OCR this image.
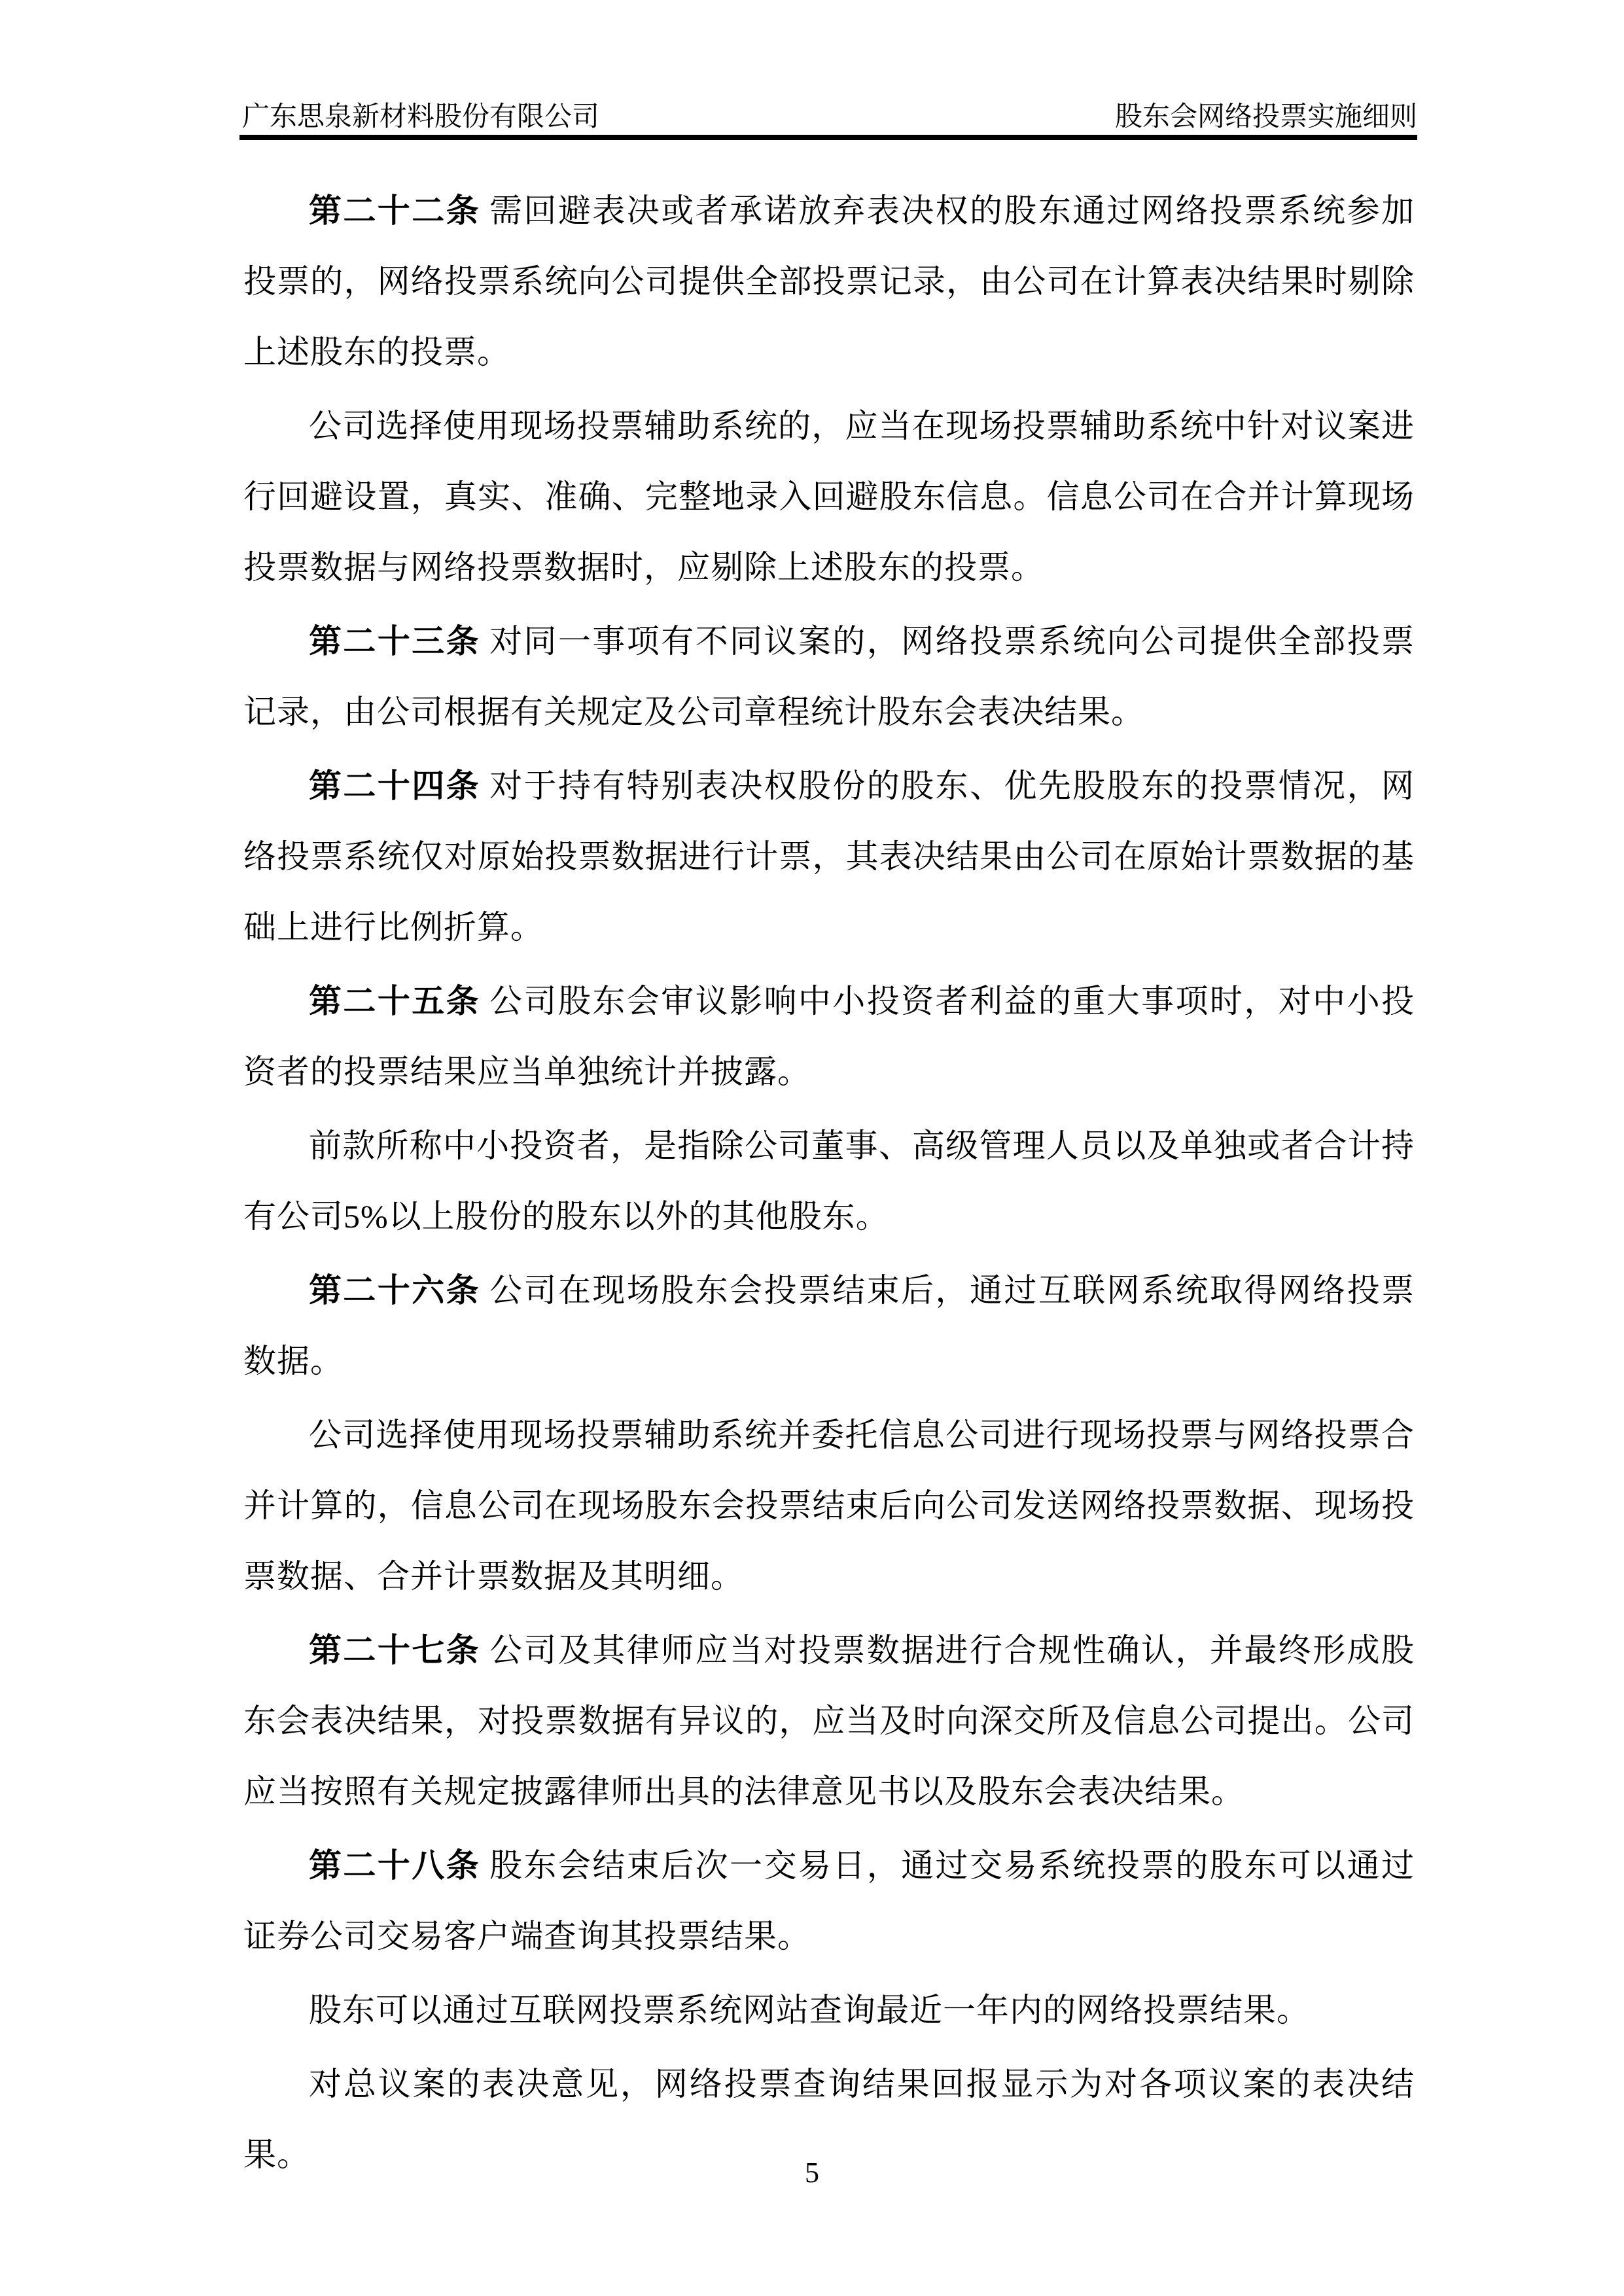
广东思泉新材料股份有限公司	股东会网络投票实施细则

第二十二条 需回避表决或者承诺放弃表决权的股东通过网络投票系统参加投票的，网络投票系统向公司提供全部投票记录，由公司在计算表决结果时剔除上述股东的投票。

公司选择使用现场投票辅助系统的，应当在现场投票辅助系统中针对议案进行回避设置，真实、准确、完整地录入回避股东信息。信息公司在合并计算现场投票数据与网络投票数据时，应剔除上述股东的投票。

第二十三条 对同一事项有不同议案的，网络投票系统向公司提供全部投票记录，由公司根据有关规定及公司章程统计股东会表决结果。

第二十四条 对于持有特别表决权股份的股东、优先股股东的投票情况，网络投票系统仅对原始投票数据进行计票，其表决结果由公司在原始计票数据的基础上进行比例折算。

第二十五条 公司股东会审议影响中小投资者利益的重大事项时，对中小投资者的投票结果应当单独统计并披露。

前款所称中小投资者，是指除公司董事、高级管理人员以及单独或者合计持有公司5%以上股份的股东以外的其他股东。

第二十六条 公司在现场股东会投票结束后，通过互联网系统取得网络投票数据。

公司选择使用现场投票辅助系统并委托信息公司进行现场投票与网络投票合并计算的，信息公司在现场股东会投票结束后向公司发送网络投票数据、现场投票数据、合并计票数据及其明细。

第二十七条 公司及其律师应当对投票数据进行合规性确认，并最终形成股东会表决结果，对投票数据有异议的，应当及时向深交所及信息公司提出。公司应当按照有关规定披露律师出具的法律意见书以及股东会表决结果。

第二十八条 股东会结束后次一交易日，通过交易系统投票的股东可以通过证券公司交易客户端查询其投票结果。

股东可以通过互联网投票系统网站查询最近一年内的网络投票结果。

对总议案的表决意见，网络投票查询结果回报显示为对各项议案的表决结果。	5
